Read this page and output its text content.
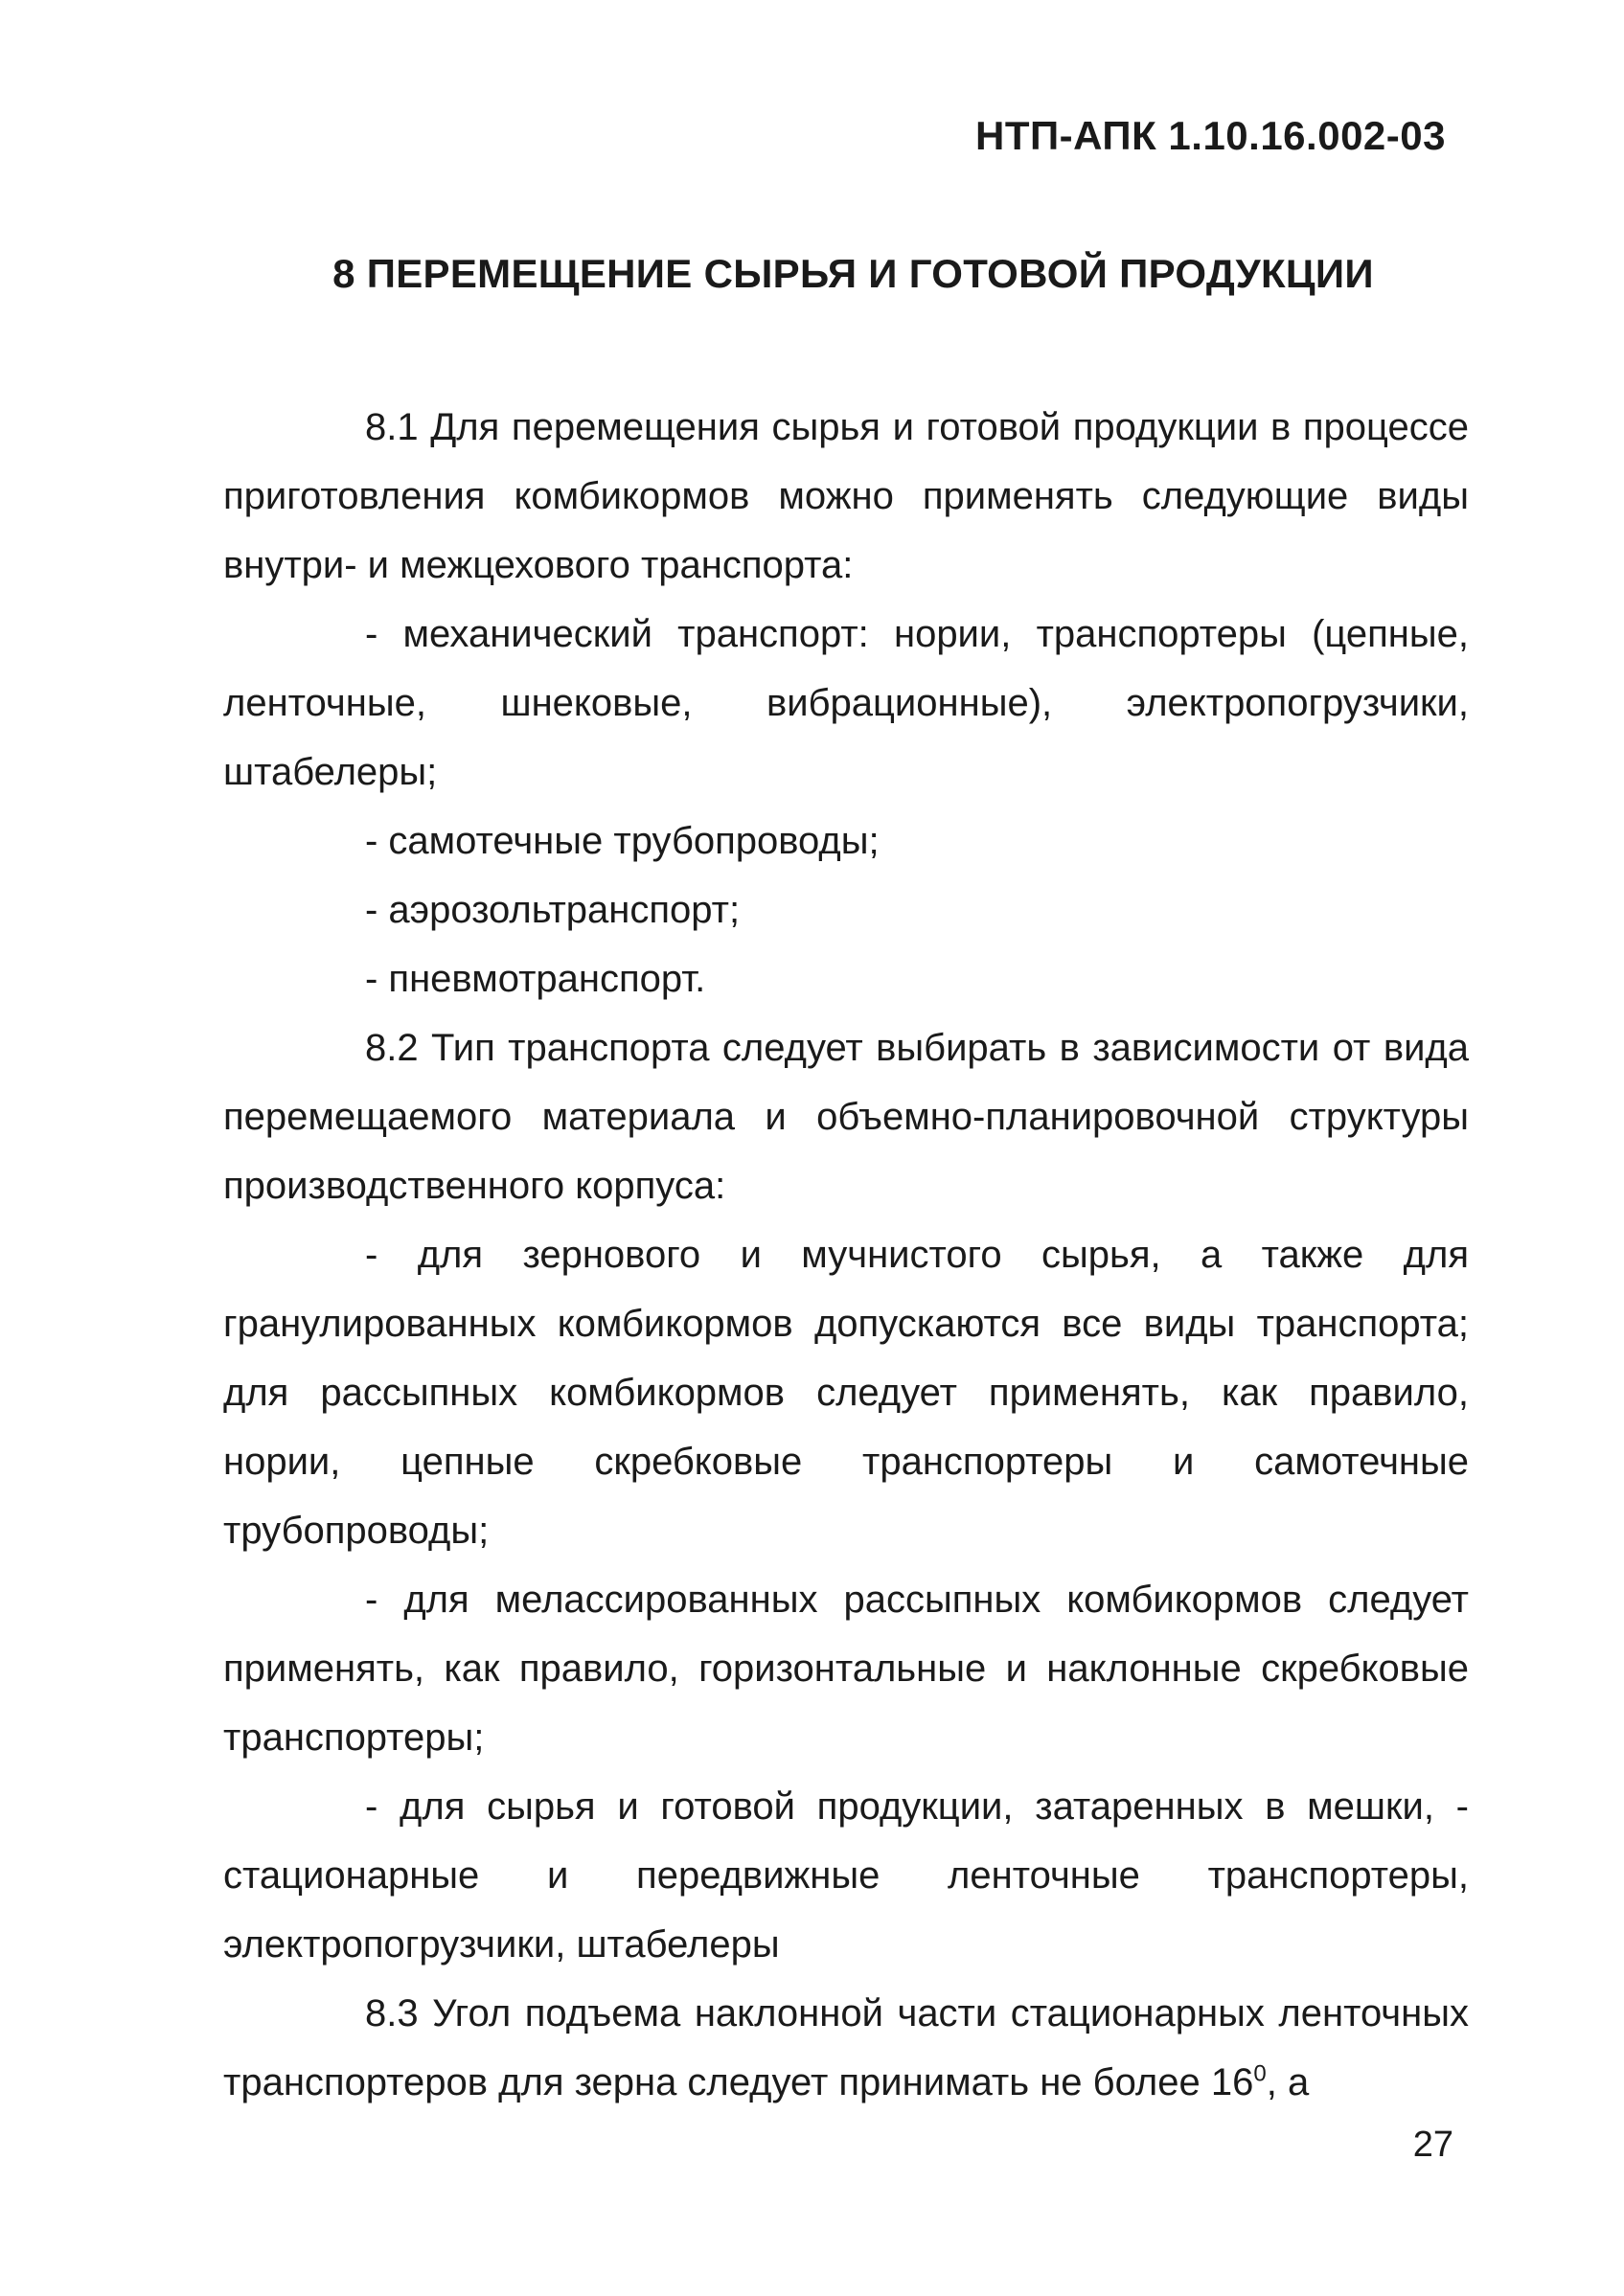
НТП-АПК 1.10.16.002-03
8 ПЕРЕМЕЩЕНИЕ СЫРЬЯ И ГОТОВОЙ ПРОДУКЦИИ

8.1 Для перемещения сырья и готовой продукции в процессе приготовления комбикормов можно применять следующие виды внутри- и межцехового транспорта:

- механический транспорт: нории, транспортеры (цепные, ленточные, шнековые, вибрационные), электропогрузчики, штабелеры;

- самотечные трубопроводы;

- аэрозольтранспорт;

- пневмотранспорт.

8.2 Тип транспорта следует выбирать в зависимости от вида перемещаемого материала и объемно-планировочной структуры производственного корпуса:

- для зернового и мучнистого сырья, а также для гранулированных комбикормов допускаются все виды транспорта; для рассыпных комбикормов следует применять, как правило, нории, цепные скребковые транспортеры и самотечные трубопроводы;

- для мелассированных рассыпных комбикормов следует применять, как правило, горизонтальные и наклонные скребковые транспортеры;

- для сырья и готовой продукции, затаренных в мешки, - стационарные и передвижные ленточные транспортеры, электропогрузчики, штабелеры

8.3 Угол подъема наклонной части стационарных ленточных транспортеров для зерна следует принимать не более $16^0$, а

27
